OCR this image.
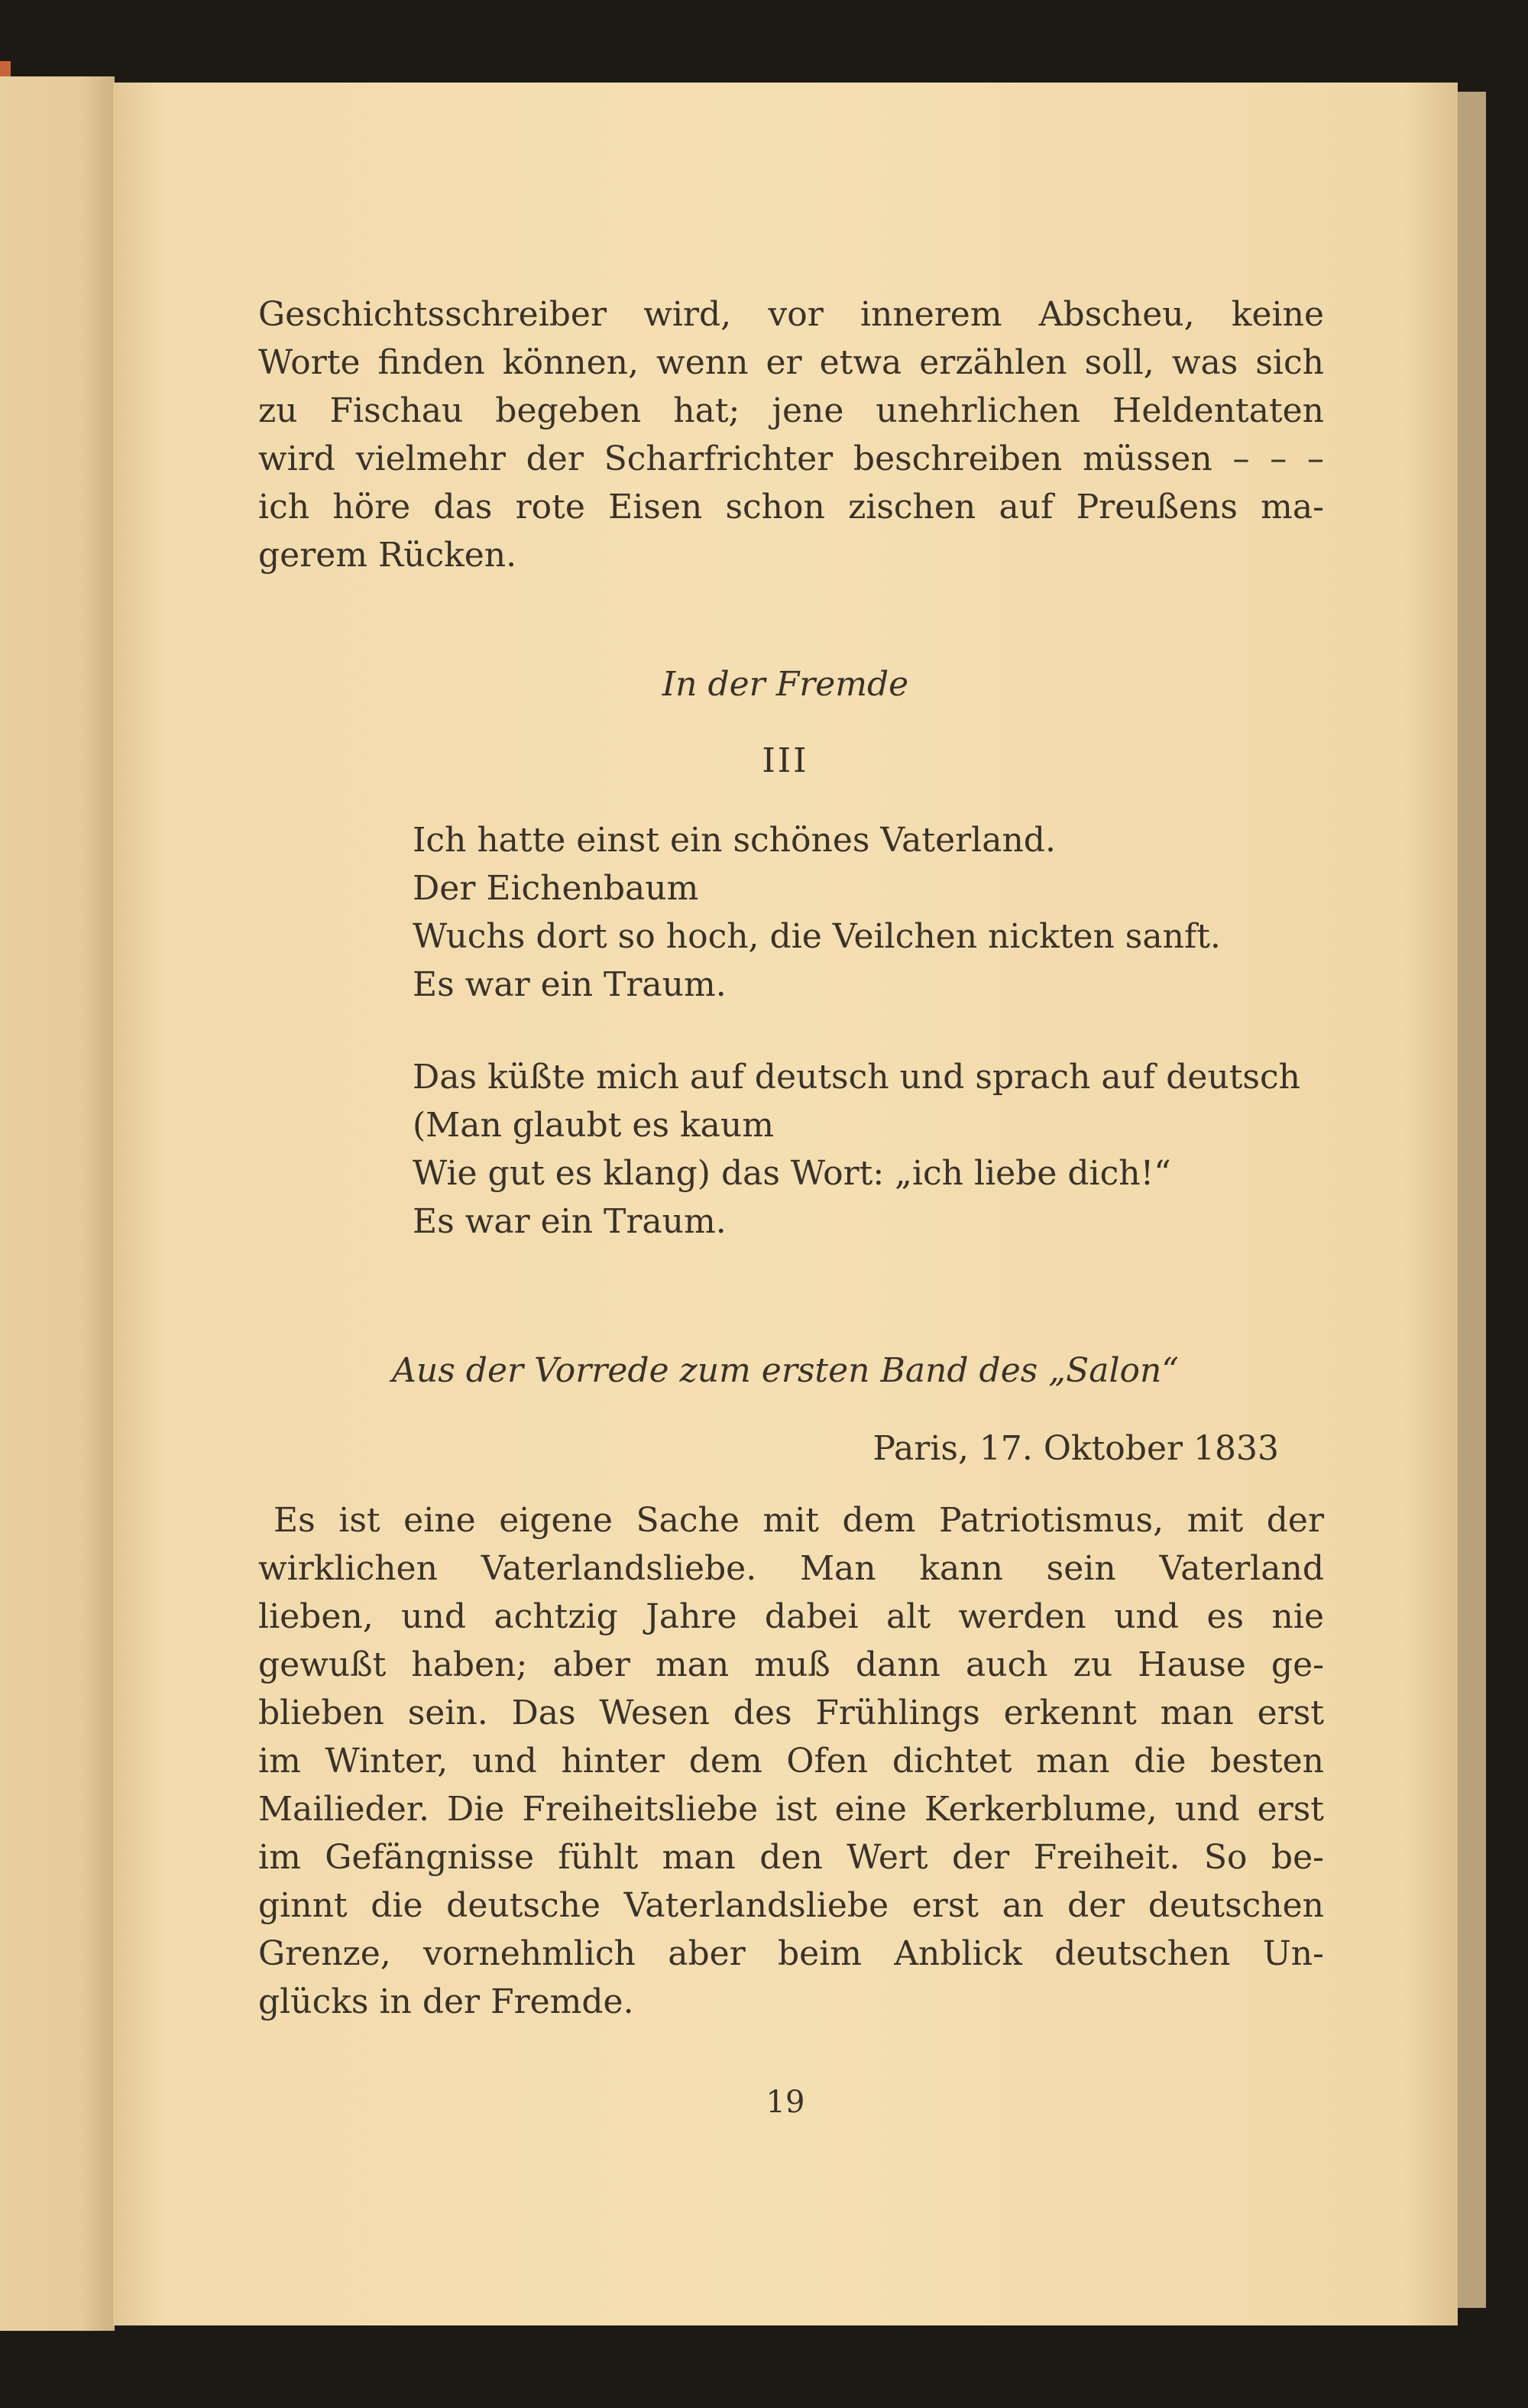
Geschichtsschreiber wird, vor innerem Abscheu, keine
Worte finden können, wenn er etwa erzählen soll, was sich
zu Fischau begeben hat; jene unehrlichen Heldentaten
wird vielmehr der Scharfrichter beschreiben müssen – – –
ich höre das rote Eisen schon zischen auf Preußens ma-
gerem Rücken.
In der Fremde
III
Ich hatte einst ein schönes Vaterland.
Der Eichenbaum
Wuchs dort so hoch, die Veilchen nickten sanft.
Es war ein Traum.
Das küßte mich auf deutsch und sprach auf deutsch
(Man glaubt es kaum
Wie gut es klang) das Wort: „ich liebe dich!“
Es war ein Traum.
Aus der Vorrede zum ersten Band des „Salon“
Paris, 17. Oktober 1833
Es ist eine eigene Sache mit dem Patriotismus, mit der
wirklichen Vaterlandsliebe. Man kann sein Vaterland
lieben, und achtzig Jahre dabei alt werden und es nie
gewußt haben; aber man muß dann auch zu Hause ge-
blieben sein. Das Wesen des Frühlings erkennt man erst
im Winter, und hinter dem Ofen dichtet man die besten
Mailieder. Die Freiheitsliebe ist eine Kerkerblume, und erst
im Gefängnisse fühlt man den Wert der Freiheit. So be-
ginnt die deutsche Vaterlandsliebe erst an der deutschen
Grenze, vornehmlich aber beim Anblick deutschen Un-
glücks in der Fremde.
19
